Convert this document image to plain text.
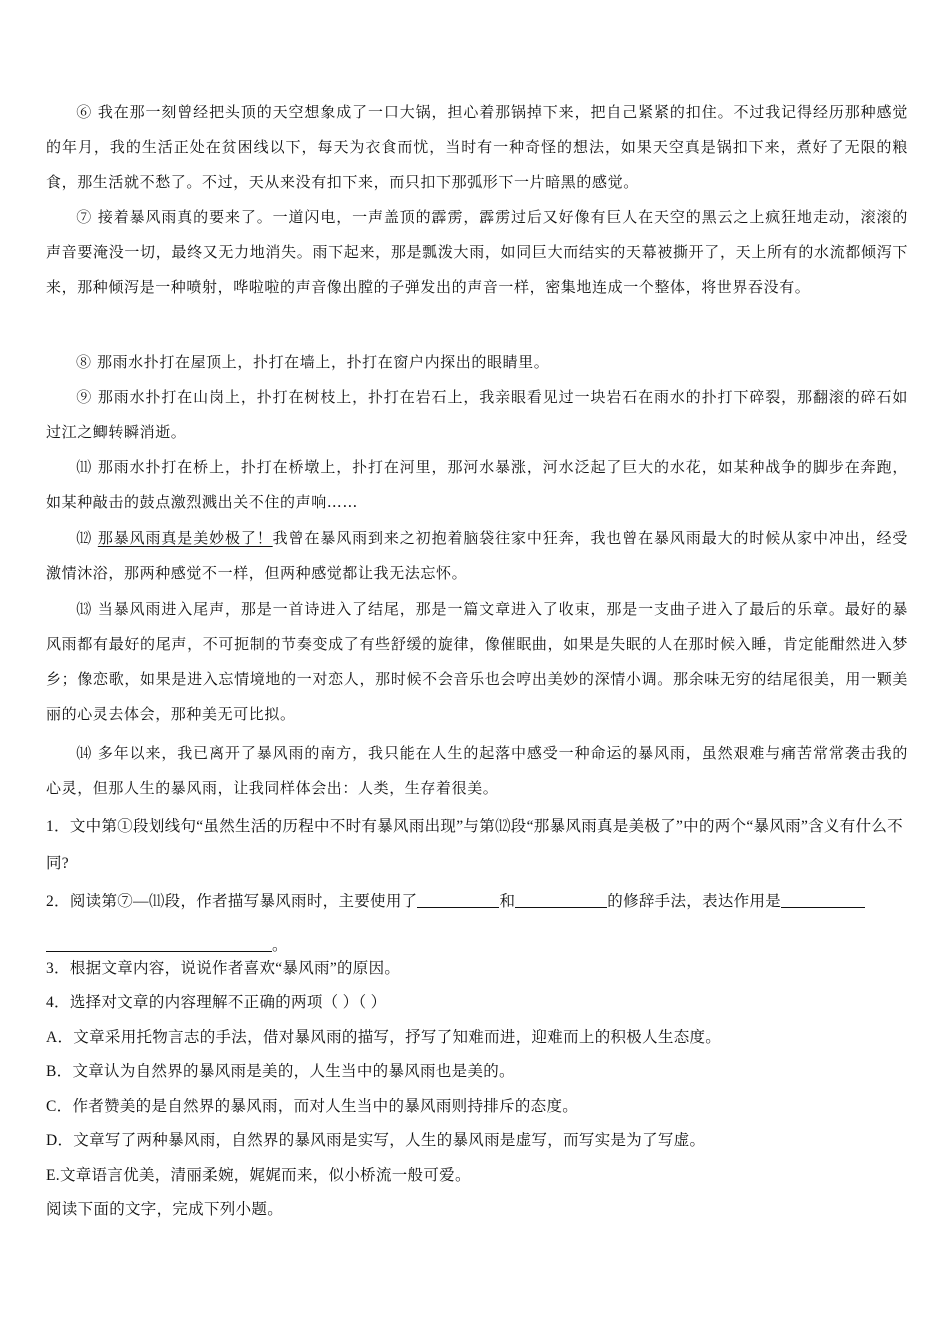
⑥ 我在那一刻曾经把头顶的天空想象成了一口大锅，担心着那锅掉下来，把自己紧紧的扣住。不过我记得经历那种感觉的年月，我的生活正处在贫困线以下，每天为衣食而忧，当时有一种奇怪的想法，如果天空真是锅扣下来，煮好了无限的粮食，那生活就不愁了。不过，天从来没有扣下来，而只扣下那弧形下一片暗黑的感觉。

⑦ 接着暴风雨真的要来了。一道闪电，一声盖顶的霹雳，霹雳过后又好像有巨人在天空的黑云之上疯狂地走动，滚滚的声音要淹没一切，最终又无力地消失。雨下起来，那是瓢泼大雨，如同巨大而结实的天幕被撕开了，天上所有的水流都倾泻下来，那种倾泻是一种喷射，哗啦啦的声音像出膛的子弹发出的声音一样，密集地连成一个整体，将世界吞没有。

⑧ 那雨水扑打在屋顶上，扑打在墙上，扑打在窗户内探出的眼睛里。

⑨ 那雨水扑打在山岗上，扑打在树枝上，扑打在岩石上，我亲眼看见过一块岩石在雨水的扑打下碎裂，那翻滚的碎石如过江之鲫转瞬消逝。

⑾ 那雨水扑打在桥上，扑打在桥墩上，扑打在河里，那河水暴涨，河水泛起了巨大的水花，如某种战争的脚步在奔跑，如某种敲击的鼓点激烈溅出关不住的声响……

⑿ 那暴风雨真是美妙极了！我曾在暴风雨到来之初抱着脑袋往家中狂奔，我也曾在暴风雨最大的时候从家中冲出，经受激情沐浴，那两种感觉不一样，但两种感觉都让我无法忘怀。

⒀ 当暴风雨进入尾声，那是一首诗进入了结尾，那是一篇文章进入了收束，那是一支曲子进入了最后的乐章。最好的暴风雨都有最好的尾声，不可扼制的节奏变成了有些舒缓的旋律，像催眠曲，如果是失眠的人在那时候入睡，肯定能酣然进入梦乡；像恋歌，如果是进入忘情境地的一对恋人，那时候不会音乐也会哼出美妙的深情小调。那余味无穷的结尾很美，用一颗美丽的心灵去体会，那种美无可比拟。

⒁ 多年以来，我已离开了暴风雨的南方，我只能在人生的起落中感受一种命运的暴风雨，虽然艰难与痛苦常常袭击我的心灵，但那人生的暴风雨，让我同样体会出：人类，生存着很美。

1．文中第①段划线句“虽然生活的历程中不时有暴风雨出现”与第⑿段“那暴风雨真是美极了”中的两个“暴风雨”含义有什么不同?

2．阅读第⑦—⑾段，作者描写暴风雨时，主要使用了	和	的修辞手法，表达作用是
。

3．根据文章内容，说说作者喜欢“暴风雨”的原因。

4．选择对文章的内容理解不正确的两项（ ）（ ）

A．文章采用托物言志的手法，借对暴风雨的描写，抒写了知难而进，迎难而上的积极人生态度。

B．文章认为自然界的暴风雨是美的，人生当中的暴风雨也是美的。

C．作者赞美的是自然界的暴风雨，而对人生当中的暴风雨则持排斥的态度。

D．文章写了两种暴风雨，自然界的暴风雨是实写，人生的暴风雨是虚写，而写实是为了写虚。

E.文章语言优美，清丽柔婉，娓娓而来，似小桥流一般可爱。

阅读下面的文字，完成下列小题。
